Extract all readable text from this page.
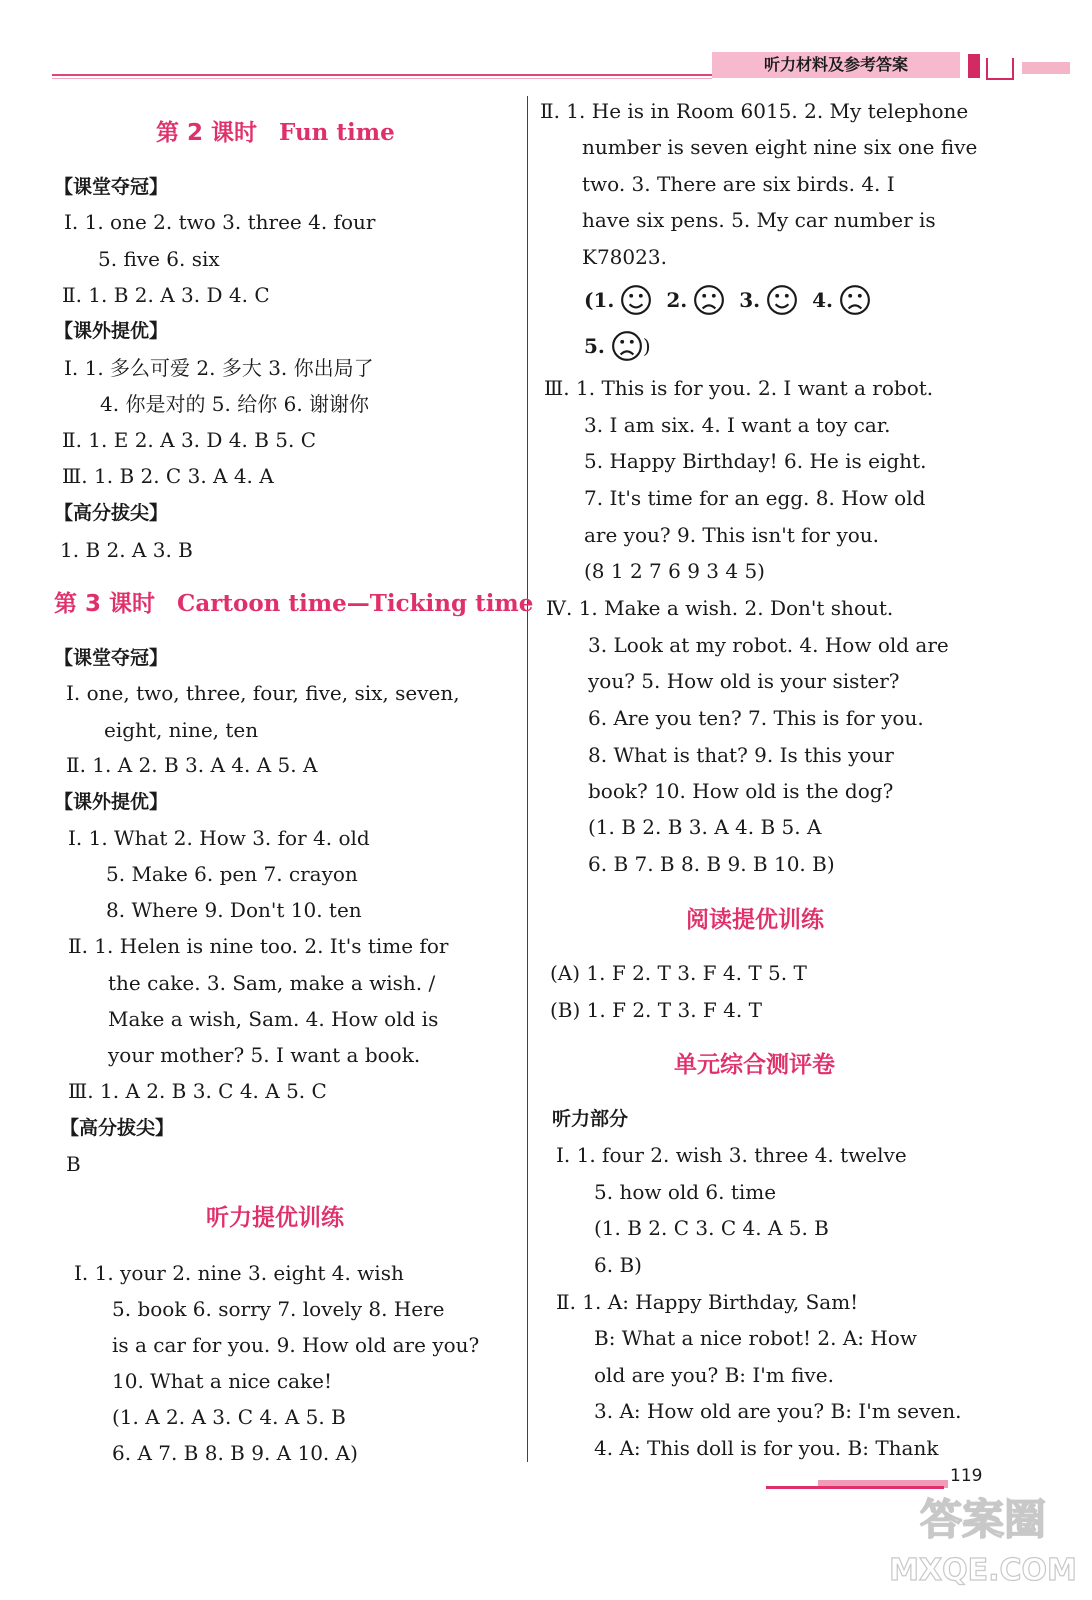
听力材料及参考答案
第 2 课时 Fun time
【课堂夺冠】
Ⅰ. 1. one 2. two 3. three 4. four
5. five 6. six
Ⅱ. 1. B 2. A 3. D 4. C
【课外提优】
Ⅰ. 1. 多么可爱 2. 多大 3. 你出局了
4. 你是对的 5. 给你 6. 谢谢你
Ⅱ. 1. E 2. A 3. D 4. B 5. C
Ⅲ. 1. B 2. C 3. A 4. A
【高分拔尖】
1. B 2. A 3. B
第 3 课时 Cartoon time—Ticking time
【课堂夺冠】
Ⅰ. one, two, three, four, five, six, seven,
eight, nine, ten
Ⅱ. 1. A 2. B 3. A 4. A 5. A
【课外提优】
Ⅰ. 1. What 2. How 3. for 4. old
5. Make 6. pen 7. crayon
8. Where 9. Don't 10. ten
Ⅱ. 1. Helen is nine too. 2. It's time for
the cake. 3. Sam, make a wish. /
Make a wish, Sam. 4. How old is
your mother? 5. I want a book.
Ⅲ. 1. A 2. B 3. C 4. A 5. C
【高分拔尖】
B
听力提优训练
Ⅰ. 1. your 2. nine 3. eight 4. wish
5. book 6. sorry 7. lovely 8. Here
is a car for you. 9. How old are you?
10. What a nice cake!
(1. A 2. A 3. C 4. A 5. B
6. A 7. B 8. B 9. A 10. A)
Ⅱ. 1. He is in Room 6015. 2. My telephone
number is seven eight nine six one five
two. 3. There are six birds. 4. I
have six pens. 5. My car number is
K78023.
(1.	2.	3.	4.
5. )
Ⅲ. 1. This is for you. 2. I want a robot.
3. I am six. 4. I want a toy car.
5. Happy Birthday! 6. He is eight.
7. It's time for an egg. 8. How old
are you? 9. This isn't for you.
(8 1 2 7 6 9 3 4 5)
Ⅳ. 1. Make a wish. 2. Don't shout.
3. Look at my robot. 4. How old are
you? 5. How old is your sister?
6. Are you ten? 7. This is for you.
8. What is that? 9. Is this your
book? 10. How old is the dog?
(1. B 2. B 3. A 4. B 5. A
6. B 7. B 8. B 9. B 10. B)
阅读提优训练
(A) 1. F 2. T 3. F 4. T 5. T
(B) 1. F 2. T 3. F 4. T
单元综合测评卷
听力部分
Ⅰ. 1. four 2. wish 3. three 4. twelve
5. how old 6. time
(1. B 2. C 3. C 4. A 5. B
6. B)
Ⅱ. 1. A: Happy Birthday, Sam!
B: What a nice robot! 2. A: How
old are you? B: I'm five.
3. A: How old are you? B: I'm seven.
4. A: This doll is for you. B: Thank
119
答案圈
MXQE.COM
